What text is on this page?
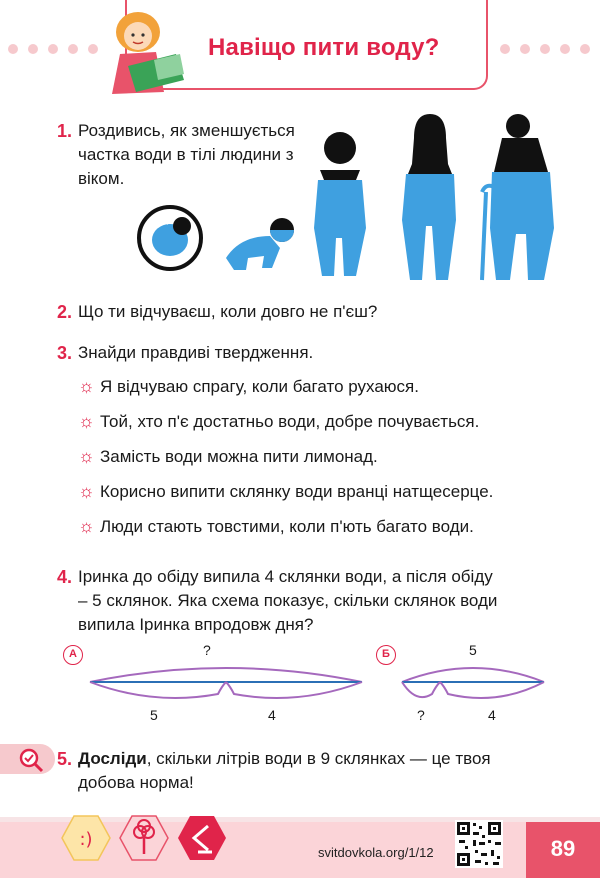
Навіщо пити воду?
1. Роздивись, як зменшується частка води в тілі людини з віком.
2. Що ти відчуваєш, коли довго не п'єш?
3. Знайди правдиві твердження.
☼ Я відчуваю спрагу, коли багато рухаюся.
☼ Той, хто п'є достатньо води, добре почувається.
☼ Замість води можна пити лимонад.
☼ Корисно випити склянку води вранці натщесерце.
☼ Люди стають товстими, коли п'ють багато води.
4. Іринка до обіду випила 4 склянки води, а після обіду – 5 склянок. Яка схема показує, скільки склянок води випила Іринка впродовж дня?
А	?
5	4
Б	5
?	4
5. Досліди, скільки літрів води в 9 склянках — це твоя добова норма!
:)
svitdovkola.org/1/12	89
